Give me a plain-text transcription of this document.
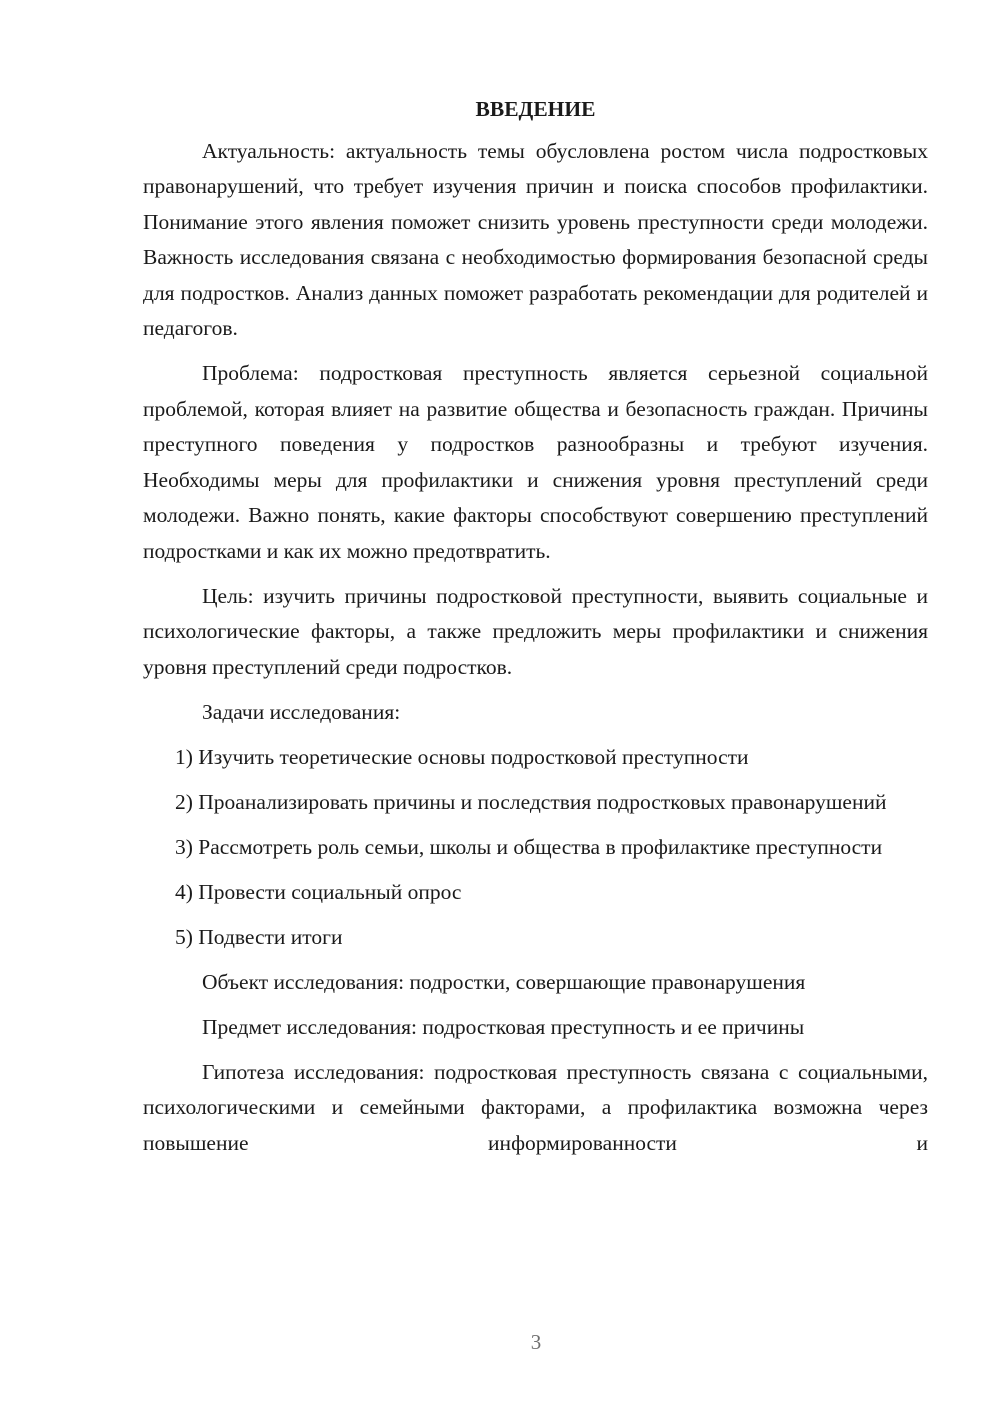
ВВЕДЕНИЕ

Актуальность: актуальность темы обусловлена ростом числа подростковых правонарушений, что требует изучения причин и поиска способов профилактики. Понимание этого явления поможет снизить уровень преступности среди молодежи. Важность исследования связана с необходимостью формирования безопасной среды для подростков. Анализ данных поможет разработать рекомендации для родителей и педагогов.

Проблема: подростковая преступность является серьезной социальной проблемой, которая влияет на развитие общества и безопасность граждан. Причины преступного поведения у подростков разнообразны и требуют изучения. Необходимы меры для профилактики и снижения уровня преступлений среди молодежи. Важно понять, какие факторы способствуют совершению преступлений подростками и как их можно предотвратить.

Цель: изучить причины подростковой преступности, выявить социальные и психологические факторы, а также предложить меры профилактики и снижения уровня преступлений среди подростков.

Задачи исследования:

1) Изучить теоретические основы подростковой преступности

2) Проанализировать причины и последствия подростковых правонарушений

3) Рассмотреть роль семьи, школы и общества в профилактике преступности

4) Провести социальный опрос

5) Подвести итоги

Объект исследования: подростки, совершающие правонарушения

Предмет исследования: подростковая преступность и ее причины

Гипотеза исследования: подростковая преступность связана с социальными, психологическими и семейными факторами, а профилактика возможна через повышение информированности и

3
